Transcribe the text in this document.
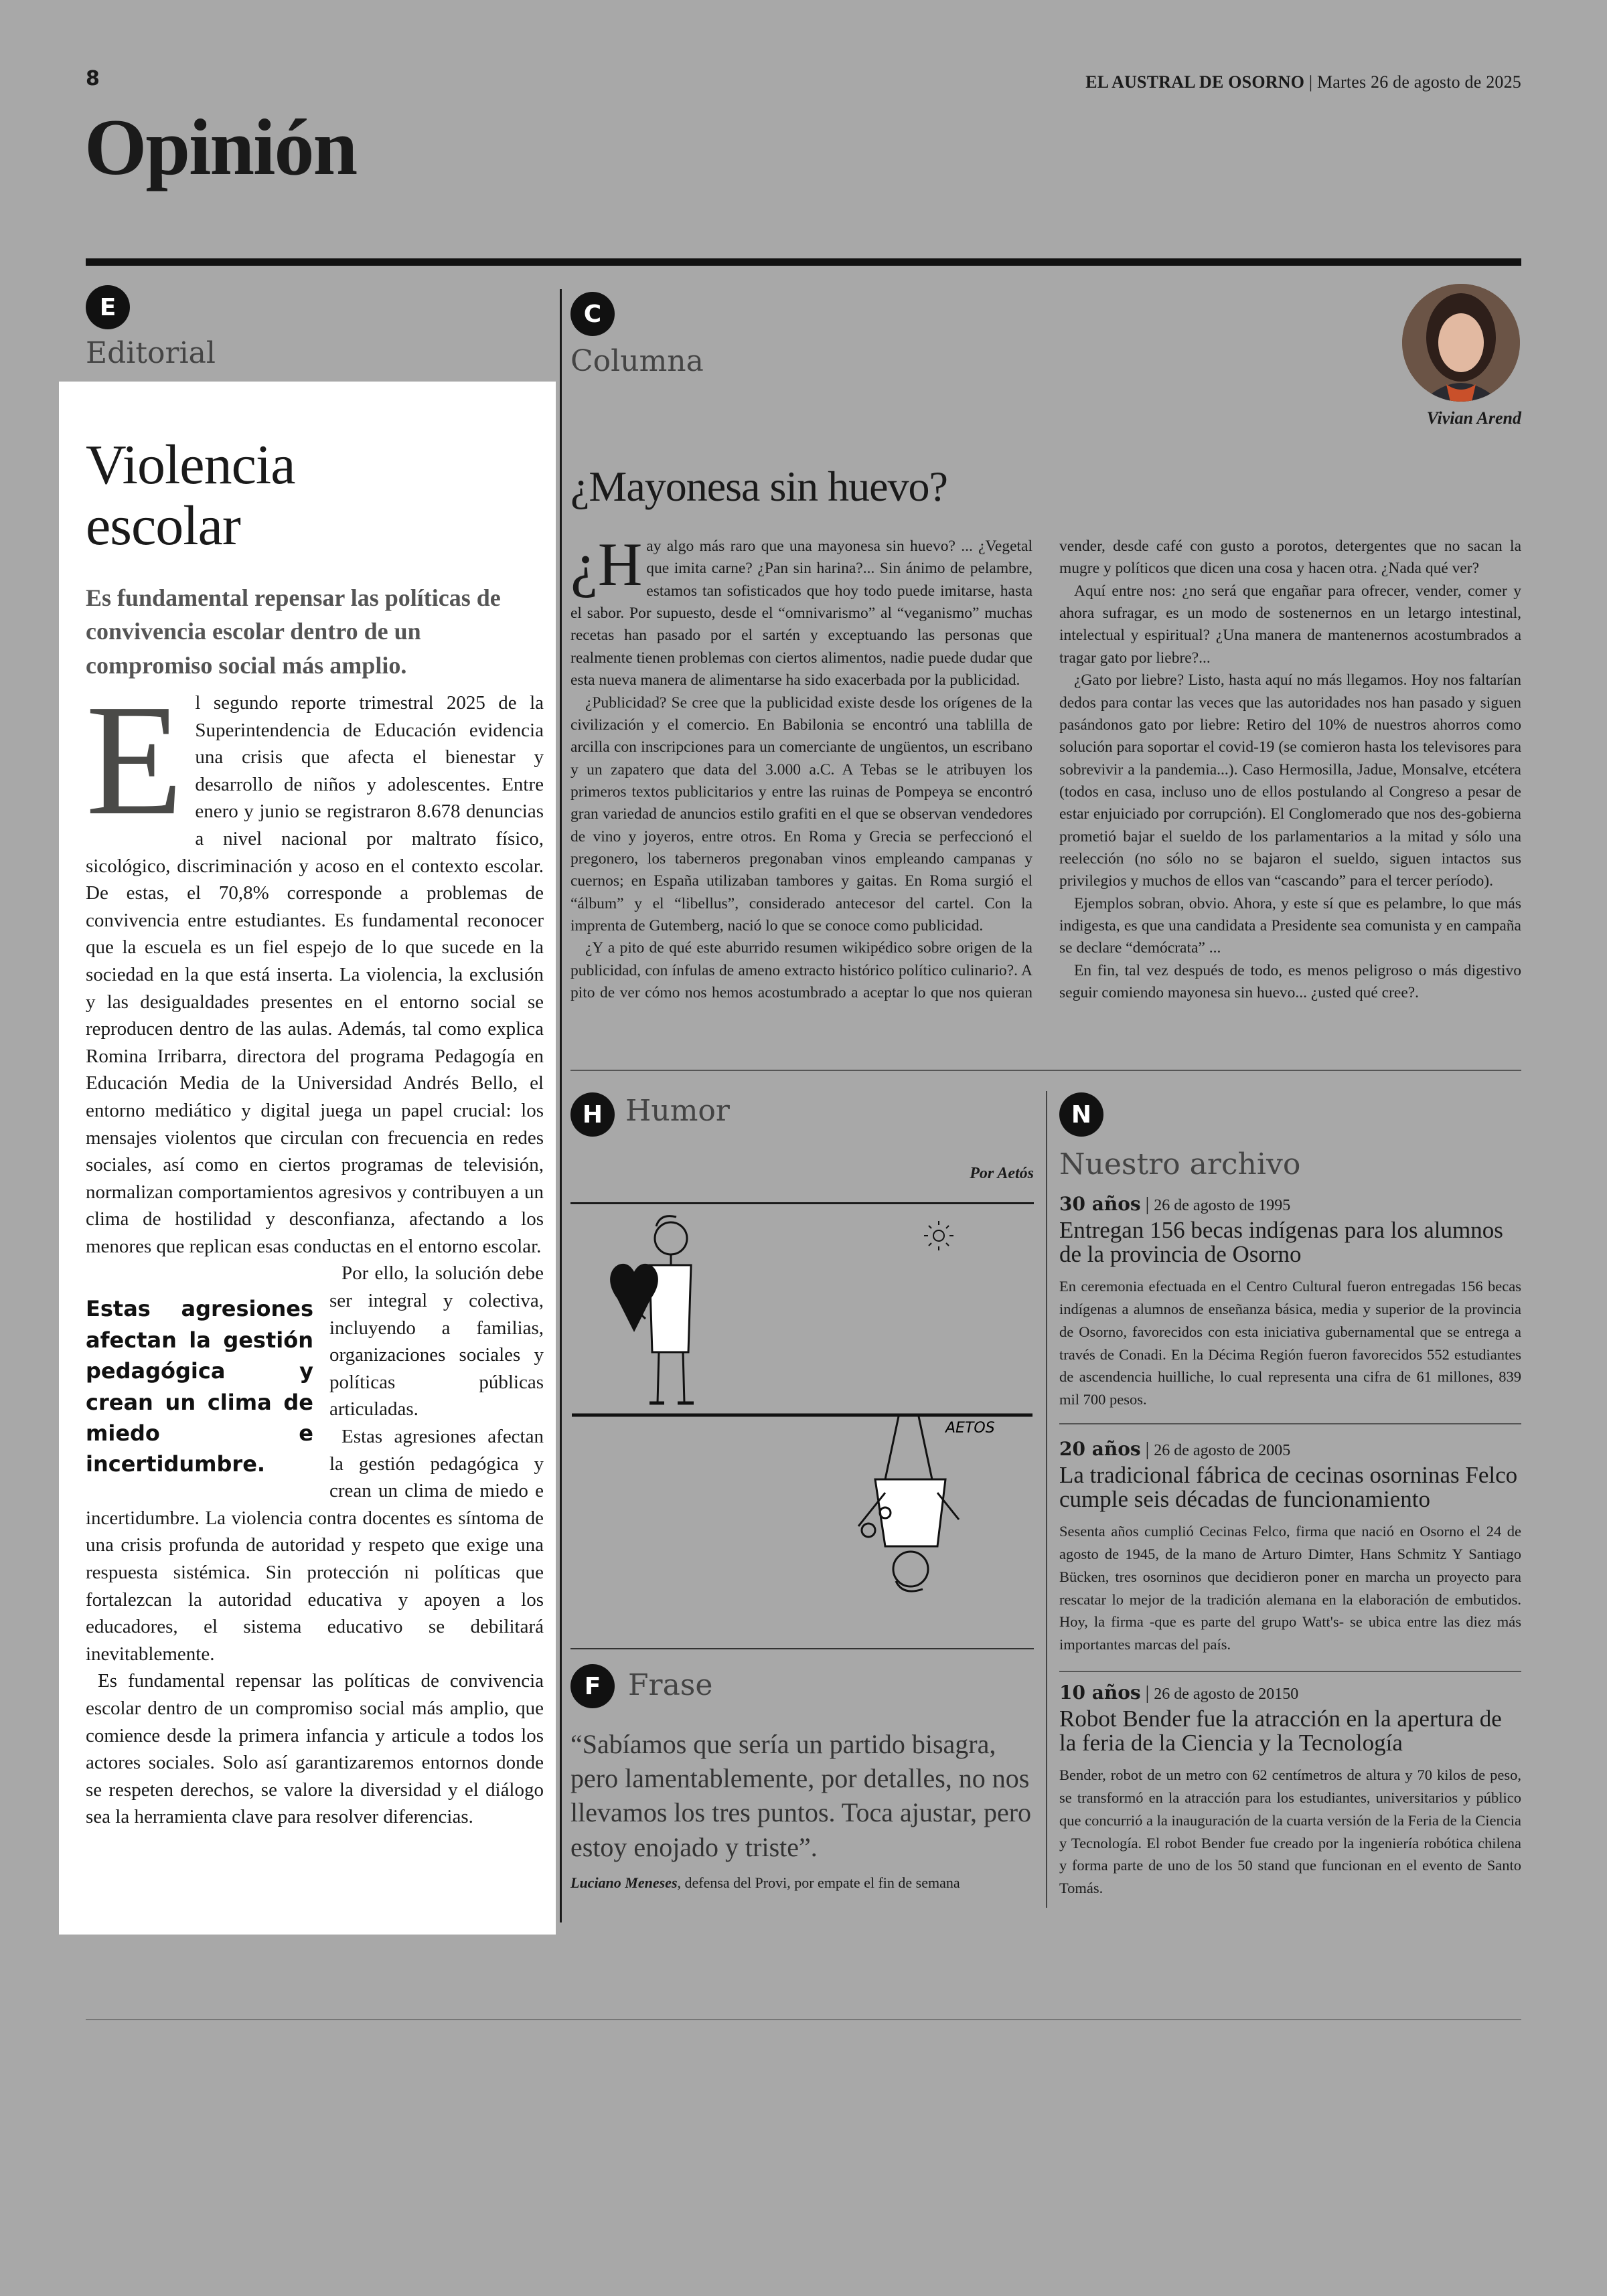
8	EL AUSTRAL DE OSORNO | Martes 26 de agosto de 2025
Opinión
E
Editorial
Violencia
escolar
Es fundamental repensar las políticas de convivencia escolar dentro de un compromiso social más amplio.
E l segundo reporte trimestral 2025 de la Superintendencia de Educación evidencia una crisis que afecta el bienestar y desarrollo de niños y adolescentes. Entre enero y junio se registraron 8.678 denuncias a nivel nacional por maltrato físico, sicológico, discriminación y acoso en el contexto escolar. De estas, el 70,8% corresponde a problemas de convivencia entre estudiantes. Es fundamental reconocer que la escuela es un fiel espejo de lo que sucede en la sociedad en la que está inserta. La violencia, la exclusión y las desigualdades presentes en el entorno social se reproducen dentro de las aulas. Además, tal como explica Romina Irribarra, directora del programa Pedagogía en Educación Media de la Universidad Andrés Bello, el entorno mediático y digital juega un papel crucial: los mensajes violentos que circulan con frecuencia en redes sociales, así como en ciertos programas de televisión, normalizan comportamientos agresivos y contribuyen a un clima de hostilidad y desconfianza, afectando a los menores que replican esas conductas en el entorno escolar.

Estas agresiones afectan la gestión pedagógica y crean un clima de miedo e incertidumbre.

Por ello, la solución debe ser integral y colectiva, incluyendo a familias, organizaciones sociales y políticas públicas articuladas.

Estas agresiones afectan la gestión pedagógica y crean un clima de miedo e incertidumbre. La violencia contra docentes es síntoma de una crisis profunda de autoridad y respeto que exige una respuesta sistémica. Sin protección ni políticas que fortalezcan la autoridad educativa y apoyen a los educadores, el sistema educativo se debilitará inevitablemente.

Es fundamental repensar las políticas de convivencia escolar dentro de un compromiso social más amplio, que comience desde la primera infancia y articule a todos los actores sociales. Solo así garantizaremos entornos donde se respeten derechos, se valore la diversidad y el diálogo sea la herramienta clave para resolver diferencias.

C
Columna
Vivian Arend
¿Mayonesa sin huevo?

¿H ay algo más raro que una mayonesa sin huevo? ... ¿Vegetal que imita carne? ¿Pan sin harina?... Sin ánimo de pelambre, estamos tan sofisticados que hoy todo puede imitarse, hasta el sabor. Por supuesto, desde el “omnivarismo” al “veganismo” muchas recetas han pasado por el sartén y exceptuando las personas que realmente tienen problemas con ciertos alimentos, nadie puede dudar que esta nueva manera de alimentarse ha sido exacerbada por la publicidad.

¿Publicidad? Se cree que la publicidad existe desde los orígenes de la civilización y el comercio. En Babilonia se encontró una tablilla de arcilla con inscripciones para un comerciante de ungüentos, un escribano y un zapatero que data del 3.000 a.C. A Tebas se le atribuyen los primeros textos publicitarios y entre las ruinas de Pompeya se encontró gran variedad de anuncios estilo grafiti en el que se observan vendedores de vino y joyeros, entre otros. En Roma y Grecia se perfeccionó el pregonero, los taberneros pregonaban vinos empleando campanas y cuernos; en España utilizaban tambores y gaitas. En Roma surgió el “álbum” y el “libellus”, considerado antecesor del cartel. Con la imprenta de Gutemberg, nació lo que se conoce como publicidad.

¿Y a pito de qué este aburrido resumen wikipédico sobre origen de la publicidad, con ínfulas de ameno extracto histórico político culinario?. A pito de ver cómo nos hemos acostumbrado a aceptar lo que nos quieran vender, desde café con gusto a porotos, detergentes que no sacan la mugre y políticos que dicen una cosa y hacen otra. ¿Nada qué ver?

Aquí entre nos: ¿no será que engañar para ofrecer, vender, comer y ahora sufragar, es un modo de sostenernos en un letargo intestinal, intelectual y espiritual? ¿Una manera de mantenernos acostumbrados a tragar gato por liebre?...

¿Gato por liebre? Listo, hasta aquí no más llegamos. Hoy nos faltarían dedos para contar las veces que las autoridades nos han pasado y siguen pasándonos gato por liebre: Retiro del 10% de nuestros ahorros como solución para soportar el covid-19 (se comieron hasta los televisores para sobrevivir a la pandemia...). Caso Hermosilla, Jadue, Monsalve, etcétera (todos en casa, incluso uno de ellos postulando al Congreso a pesar de estar enjuiciado por corrupción). El Conglomerado que nos des-gobierna prometió bajar el sueldo de los parlamentarios a la mitad y sólo una reelección (no sólo no se bajaron el sueldo, siguen intactos sus privilegios y muchos de ellos van “cascando” para el tercer período).

Ejemplos sobran, obvio. Ahora, y este sí que es pelambre, lo que más indigesta, es que una candidata a Presidente sea comunista y en campaña se declare “demócrata” ...

En fin, tal vez después de todo, es menos peligroso o más digestivo seguir comiendo mayonesa sin huevo... ¿usted qué cree?.

H Humor
Por Aetós
AETOS
F Frase
“Sabíamos que sería un partido bisagra, pero lamentablemente, por detalles, no nos llevamos los tres puntos. Toca ajustar, pero estoy enojado y triste”.
Luciano Meneses, defensa del Provi, por empate el fin de semana
N
Nuestro archivo
30 años | 26 de agosto de 1995
Entregan 156 becas indígenas para los alumnos de la provincia de Osorno
En ceremonia efectuada en el Centro Cultural fueron entregadas 156 becas indígenas a alumnos de enseñanza básica, media y superior de la provincia de Osorno, favorecidos con esta iniciativa gubernamental que se entrega a través de Conadi. En la Décima Región fueron favorecidos 552 estudiantes de ascendencia huilliche, lo cual representa una cifra de 61 millones, 839 mil 700 pesos.
20 años | 26 de agosto de 2005
La tradicional fábrica de cecinas osorninas Felco cumple seis décadas de funcionamiento
Sesenta años cumplió Cecinas Felco, firma que nació en Osorno el 24 de agosto de 1945, de la mano de Arturo Dimter, Hans Schmitz Y Santiago Bücken, tres osorninos que decidieron poner en marcha un proyecto para rescatar lo mejor de la tradición alemana en la elaboración de embutidos. Hoy, la firma -que es parte del grupo Watt's- se ubica entre las diez más importantes marcas del país.
10 años | 26 de agosto de 20150
Robot Bender fue la atracción en la apertura de la feria de la Ciencia y la Tecnología
Bender, robot de un metro con 62 centímetros de altura y 70 kilos de peso, se transformó en la atracción para los estudiantes, universitarios y público que concurrió a la inauguración de la cuarta versión de la Feria de la Ciencia y Tecnología. El robot Bender fue creado por la ingeniería robótica chilena y forma parte de uno de los 50 stand que funcionan en el evento de Santo Tomás.
